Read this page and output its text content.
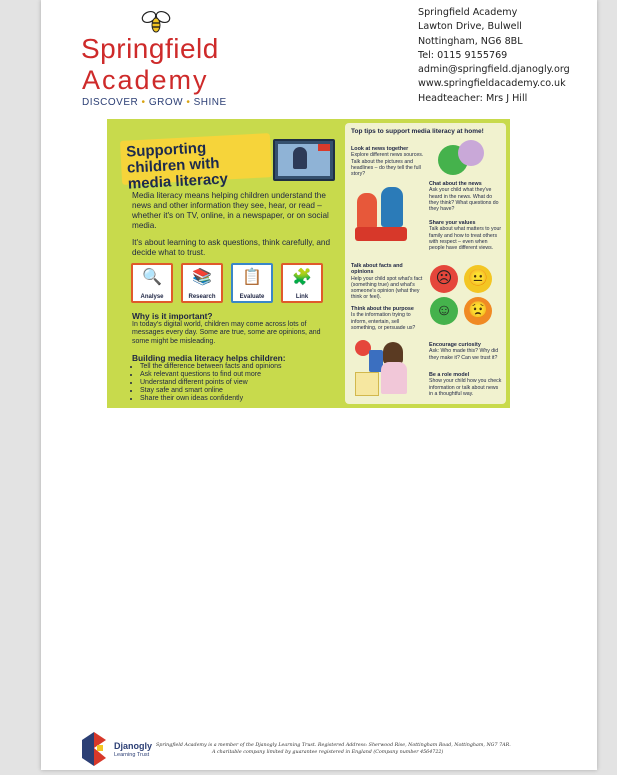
Springfield
Academy
DISCOVER • GROW • SHINE
Springfield Academy
Lawton Drive, Bulwell
Nottingham, NG6 8BL
Tel: 0115 9155769
admin@springfield.djanogly.org
www.springfieldacademy.co.uk
Headteacher: Mrs J Hill
Supporting children with media literacy

Media literacy means helping children understand the news and other information they see, hear, or read – whether it's on TV, online, in a newspaper, or on social media.

It's about learning to ask questions, think carefully, and decide what to trust.

🔍
Analyse
📚
Research
📋
Evaluate
🧩
Link
Why is it important?
In today's digital world, children may come across lots of messages every day. Some are true, some are opinions, and some might be misleading.
Building media literacy helps children:
• Tell the difference between facts and opinions
• Ask relevant questions to find out more
• Understand different points of view
• Stay safe and smart online
• Share their own ideas confidently
Top tips to support media literacy at home!
Look at news together
Explore different news sources. Talk about the pictures and headlines – do they tell the full story?
Chat about the news
Ask your child what they've heard in the news. What do they think? What questions do they have?
Share your values
Talk about what matters to your family and how to treat others with respect – even when people have different views.
Talk about facts and opinions
Help your child spot what's fact (something true) and what's someone's opinion (what they think or feel).
☹ 😐
☺ 😟
Think about the purpose
Is the information trying to inform, entertain, sell something, or persuade us?
Encourage curiosity
Ask: Who made this? Why did they make it? Can we trust it?
Be a role model
Show your child how you check information or talk about news in a thoughtful way.
Djanogly
Learning Trust
Springfield Academy is a member of the Djanogly Learning Trust. Registered Address: Sherwood Rise, Nottingham Road, Nottingham, NG7 7AR.
A charitable company limited by guarantee registered in England (Company number 4564722)
